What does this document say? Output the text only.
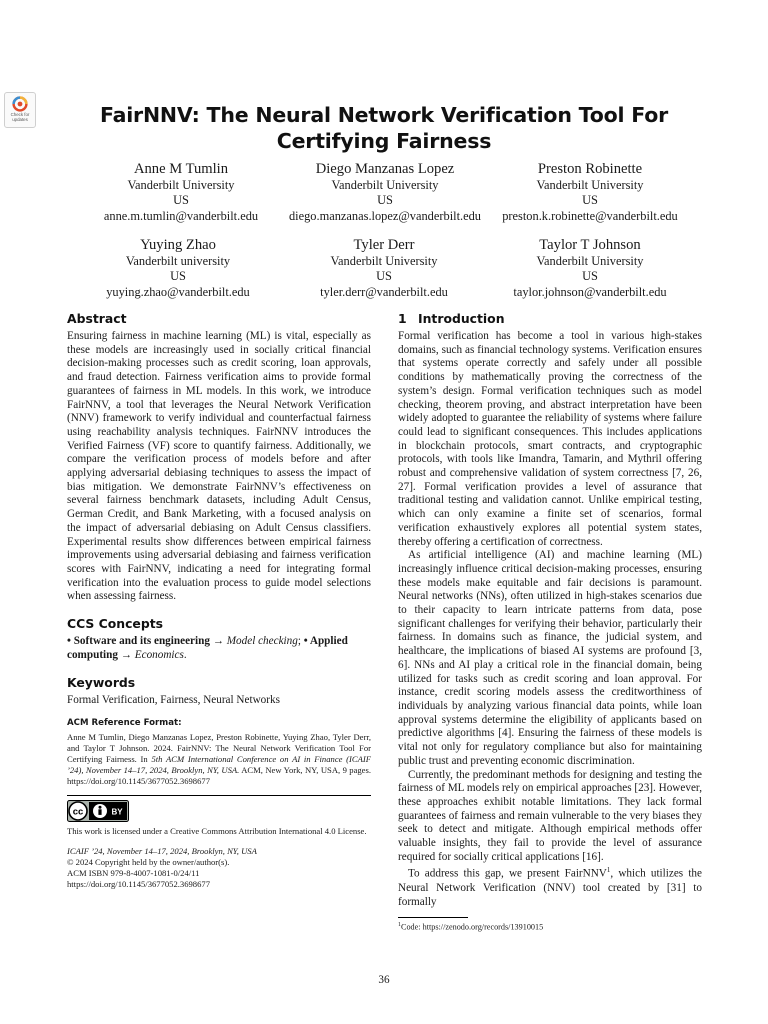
Check for updates	FairNNV: The Neural Network Verification Tool For Certifying Fairness
Anne M Tumlin
Vanderbilt University
US
anne.m.tumlin@vanderbilt.edu
Diego Manzanas Lopez
Vanderbilt University
US
diego.manzanas.lopez@vanderbilt.edu
Preston Robinette
Vanderbilt University
US
preston.k.robinette@vanderbilt.edu
Yuying Zhao
Vanderbilt university
US
yuying.zhao@vanderbilt.edu
Tyler Derr
Vanderbilt University
US
tyler.derr@vanderbilt.edu
Taylor T Johnson
Vanderbilt University
US
taylor.johnson@vanderbilt.edu
Abstract

Ensuring fairness in machine learning (ML) is vital, especially as these models are increasingly used in socially critical financial decision-making processes such as credit scoring, loan approvals, and fraud detection. Fairness verification aims to provide formal guarantees of fairness in ML models. In this work, we introduce FairNNV, a tool that leverages the Neural Network Verification (NNV) framework to verify individual and counterfactual fairness using reachability analysis techniques. FairNNV introduces the Verified Fairness (VF) score to quantify fairness. Additionally, we compare the verification process of models before and after applying adversarial debiasing techniques to assess the impact of bias mitigation. We demonstrate FairNNV’s effectiveness on several fairness benchmark datasets, including Adult Census, German Credit, and Bank Marketing, with a focused analysis on the impact of adversarial debiasing on Adult Census classifiers. Experimental results show differences between empirical fairness improvements using adversarial debiasing and fairness verification scores with FairNNV, indicating a need for integrating formal verification into the evaluation process to guide model selections when assessing fairness.

CCS Concepts

• Software and its engineering → Model checking; • Applied computing → Economics.

Keywords

Formal Verification, Fairness, Neural Networks

ACM Reference Format:

Anne M Tumlin, Diego Manzanas Lopez, Preston Robinette, Yuying Zhao, Tyler Derr, and Taylor T Johnson. 2024. FairNNV: The Neural Network Verification Tool For Certifying Fairness. In 5th ACM International Conference on AI in Finance (ICAIF ’24), November 14–17, 2024, Brooklyn, NY, USA. ACM, New York, NY, USA, 9 pages. https://doi.org/10.1145/3677052.3698677

cc	BY

This work is licensed under a Creative Commons Attribution International 4.0 License.

ICAIF ’24, November 14–17, 2024, Brooklyn, NY, USA
© 2024 Copyright held by the owner/author(s).
ACM ISBN 979-8-4007-1081-0/24/11
https://doi.org/10.1145/3677052.3698677
1 Introduction

Formal verification has become a tool in various high-stakes domains, such as financial technology systems. Verification ensures that systems operate correctly and safely under all possible conditions by mathematically proving the correctness of the system’s design. Formal verification techniques such as model checking, theorem proving, and abstract interpretation have been widely adopted to guarantee the reliability of systems where failure could lead to significant consequences. This includes applications in blockchain protocols, smart contracts, and cryptographic protocols, with tools like Imandra, Tamarin, and Mythril offering robust and comprehensive validation of system correctness [7, 26, 27]. Formal verification provides a level of assurance that traditional testing and validation cannot. Unlike empirical testing, which can only examine a finite set of scenarios, formal verification exhaustively explores all potential system states, thereby offering a certification of correctness.

As artificial intelligence (AI) and machine learning (ML) increasingly influence critical decision-making processes, ensuring these models make equitable and fair decisions is paramount. Neural networks (NNs), often utilized in high-stakes scenarios due to their capacity to learn intricate patterns from data, pose significant challenges for verifying their behavior, particularly their fairness. In domains such as finance, the judicial system, and healthcare, the implications of biased AI systems are profound [3, 6]. NNs and AI play a critical role in the financial domain, being utilized for tasks such as credit scoring and loan approval. For instance, credit scoring models assess the creditworthiness of individuals by analyzing various financial data points, while loan approval systems determine the eligibility of applicants based on predictive algorithms [4]. Ensuring the fairness of these models is vital not only for regulatory compliance but also for maintaining public trust and preventing economic discrimination.

Currently, the predominant methods for designing and testing the fairness of ML models rely on empirical approaches [23]. However, these approaches exhibit notable limitations. They lack formal guarantees of fairness and remain vulnerable to the very biases they seek to detect and mitigate. Although empirical methods offer valuable insights, they fail to provide the level of assurance required for socially critical applications [16].

To address this gap, we present FairNNV$^1$, which utilizes the Neural Network Verification (NNV) tool created by [31] to formally

$^1$Code: https://zenodo.org/records/13910015
36
